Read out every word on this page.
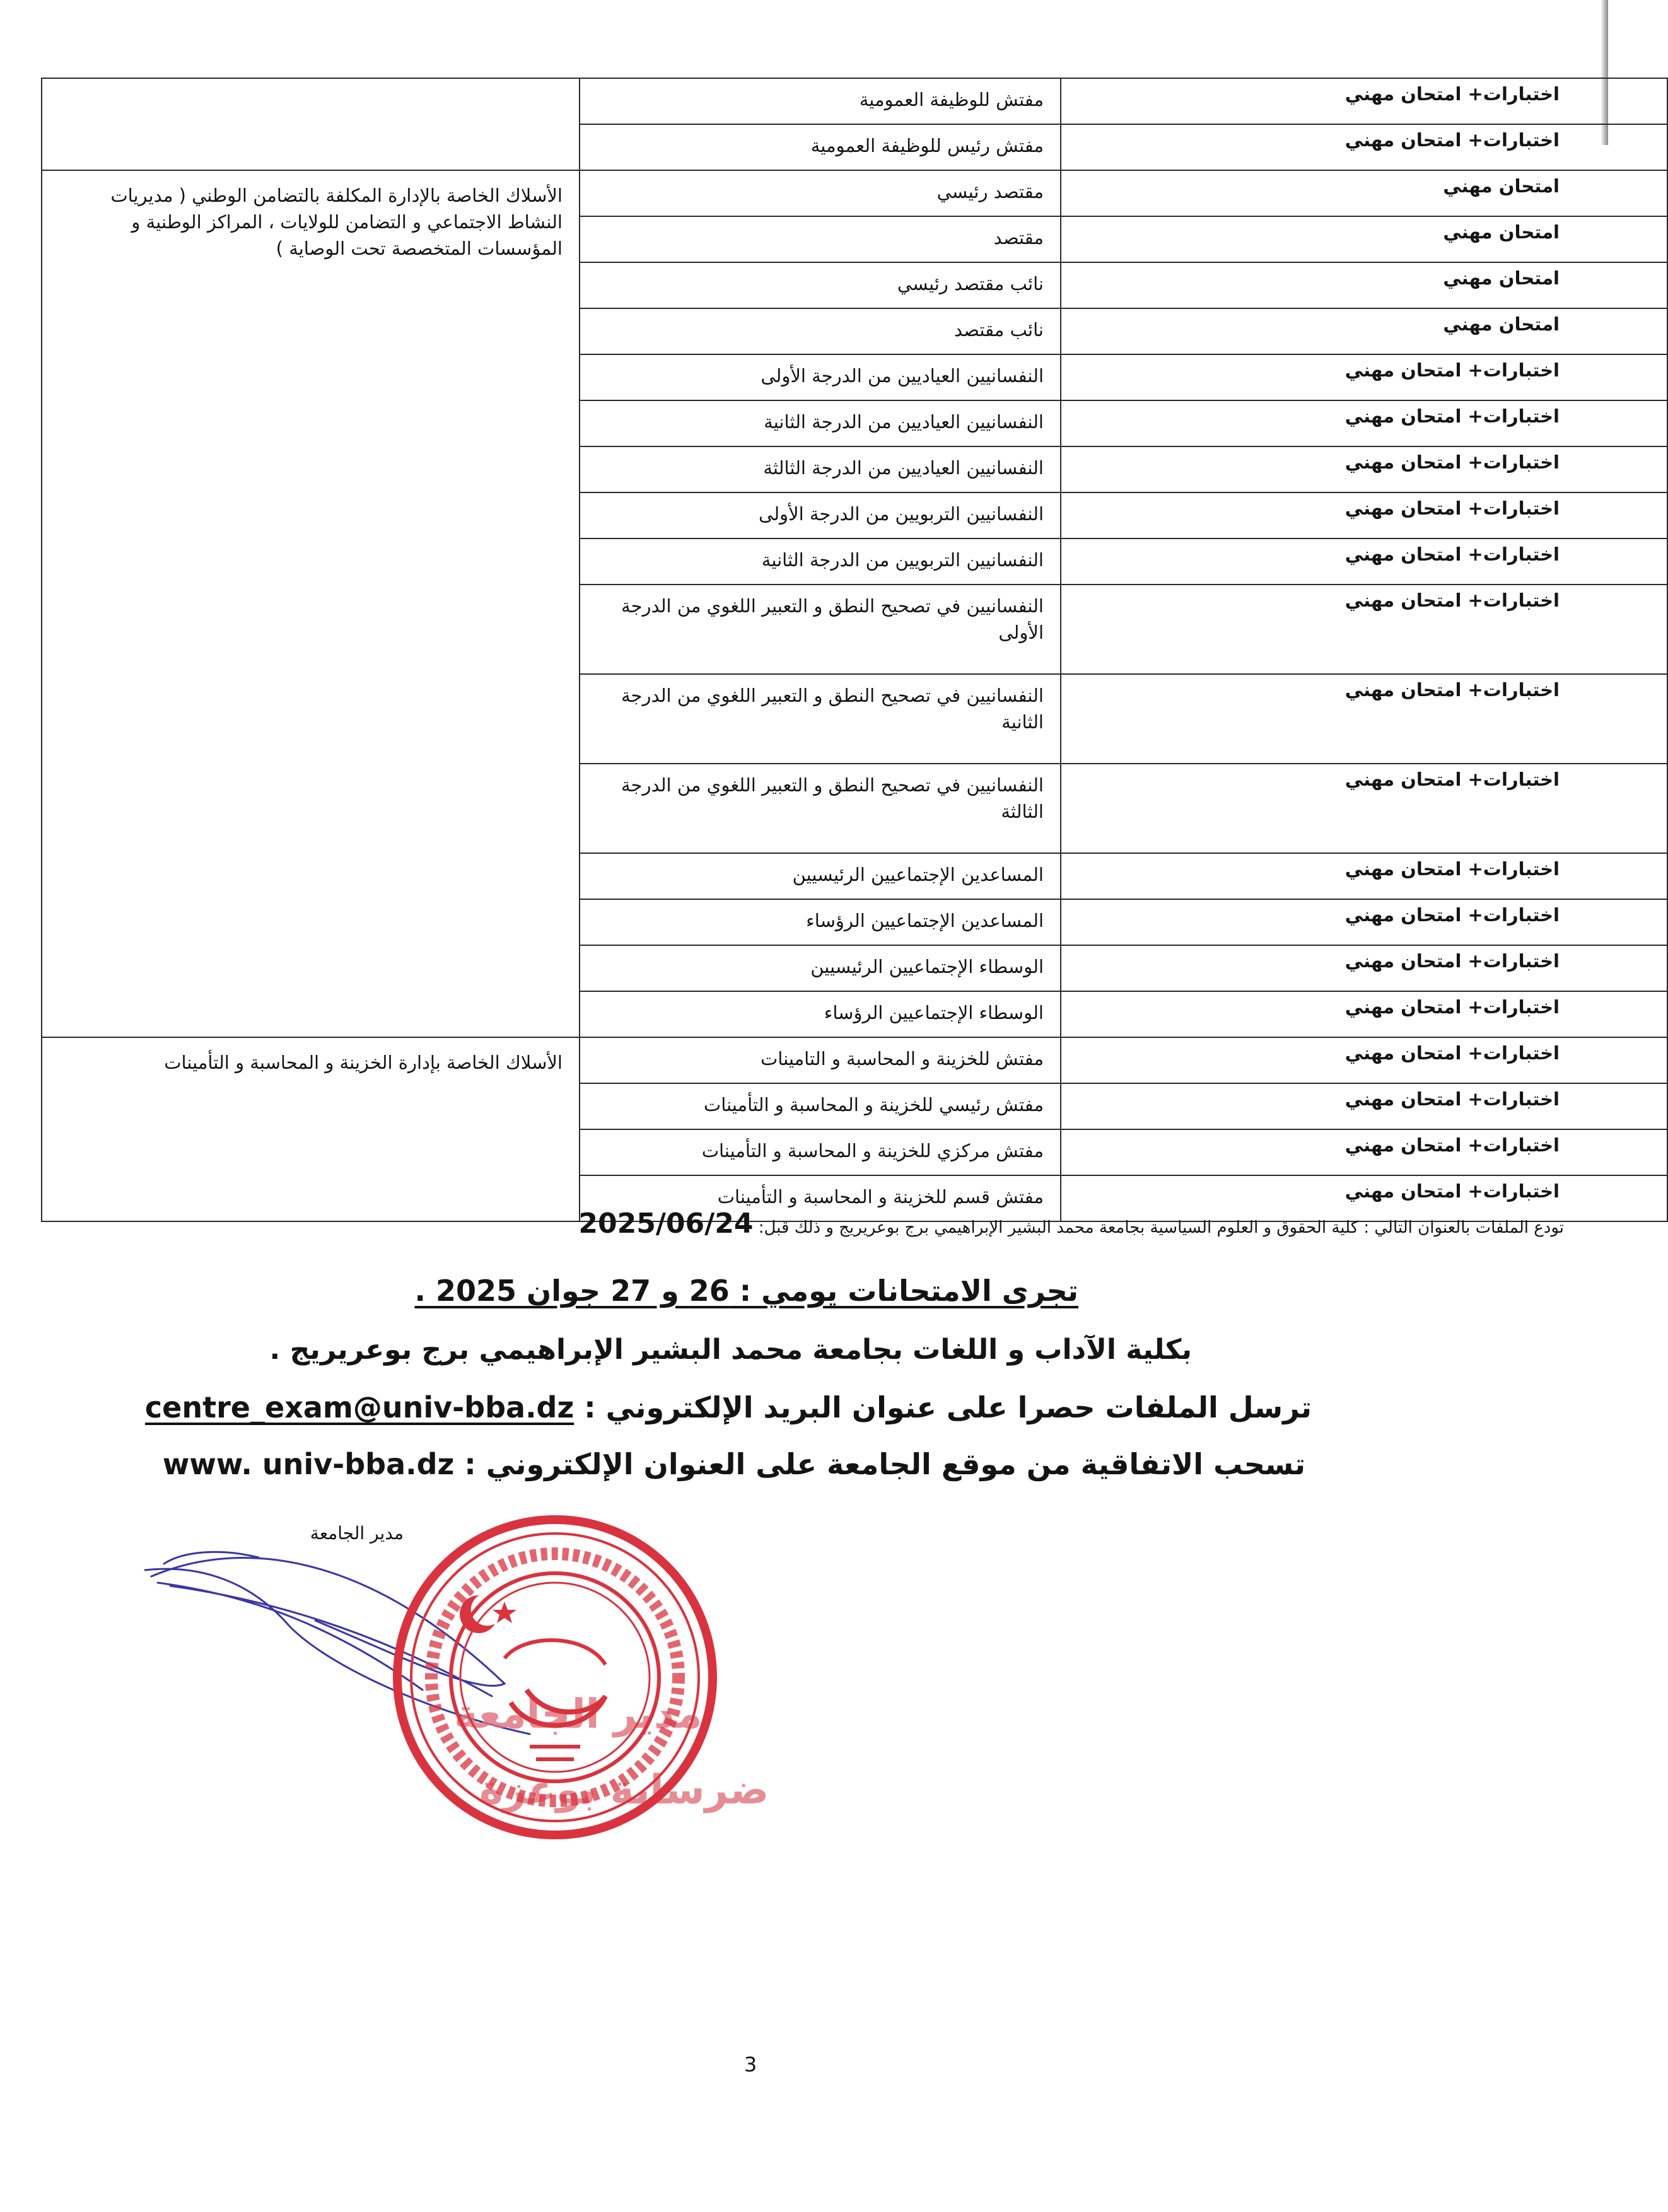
	مفتش للوظيفة العمومية	اختبارات+ امتحان مهني
	مفتش رئيس للوظيفة العمومية	اختبارات+ امتحان مهني
الأسلاك الخاصة بالإدارة المكلفة بالتضامن الوطني ( مديريات النشاط الاجتماعي و التضامن للولايات ، المراكز الوطنية و المؤسسات المتخصصة تحت الوصاية )	مقتصد رئيسي	امتحان مهني
	مقتصد	امتحان مهني
	نائب مقتصد رئيسي	امتحان مهني
	نائب مقتصد	امتحان مهني
	النفسانيين العياديين من الدرجة الأولى	اختبارات+ امتحان مهني
	النفسانيين العياديين من الدرجة الثانية	اختبارات+ امتحان مهني
	النفسانيين العياديين من الدرجة الثالثة	اختبارات+ امتحان مهني
	النفسانيين التربويين من الدرجة الأولى	اختبارات+ امتحان مهني
	النفسانيين التربويين من الدرجة الثانية	اختبارات+ امتحان مهني
	النفسانيين في تصحيح النطق و التعبير اللغوي من الدرجة الأولى	اختبارات+ امتحان مهني
	النفسانيين في تصحيح النطق و التعبير اللغوي من الدرجة الثانية	اختبارات+ امتحان مهني
	النفسانيين في تصحيح النطق و التعبير اللغوي من الدرجة الثالثة	اختبارات+ امتحان مهني
	المساعدين الإجتماعيين الرئيسيين	اختبارات+ امتحان مهني
	المساعدين الإجتماعيين الرؤساء	اختبارات+ امتحان مهني
	الوسطاء الإجتماعيين الرئيسيين	اختبارات+ امتحان مهني
	الوسطاء الإجتماعيين الرؤساء	اختبارات+ امتحان مهني
الأسلاك الخاصة بإدارة الخزينة و المحاسبة و التأمينات	مفتش للخزينة و المحاسبة و التامينات	اختبارات+ امتحان مهني
	مفتش رئيسي للخزينة و المحاسبة و التأمينات	اختبارات+ امتحان مهني
	مفتش مركزي للخزينة و المحاسبة و التأمينات	اختبارات+ امتحان مهني
	مفتش قسم للخزينة و المحاسبة و التأمينات	اختبارات+ امتحان مهني
تودع الملفات بالعنوان التالي : كلية الحقوق و العلوم السياسية بجامعة محمد البشير الإبراهيمي برج بوعريريج و ذلك قبل: 2025/06/24
تجرى الامتحانات يومي : 26 و 27 جوان 2025 .
بكلية الآداب و اللغات بجامعة محمد البشير الإبراهيمي برج بوعريريج .
ترسل الملفات حصرا على عنوان البريد الإلكتروني : centre_exam@univ-bba.dz
تسحب الاتفاقية من موقع الجامعة على العنوان الإلكتروني : www. univ-bba.dz
مدير الجامعة
مدير الجامعة
ضرساية بوعزة
3
